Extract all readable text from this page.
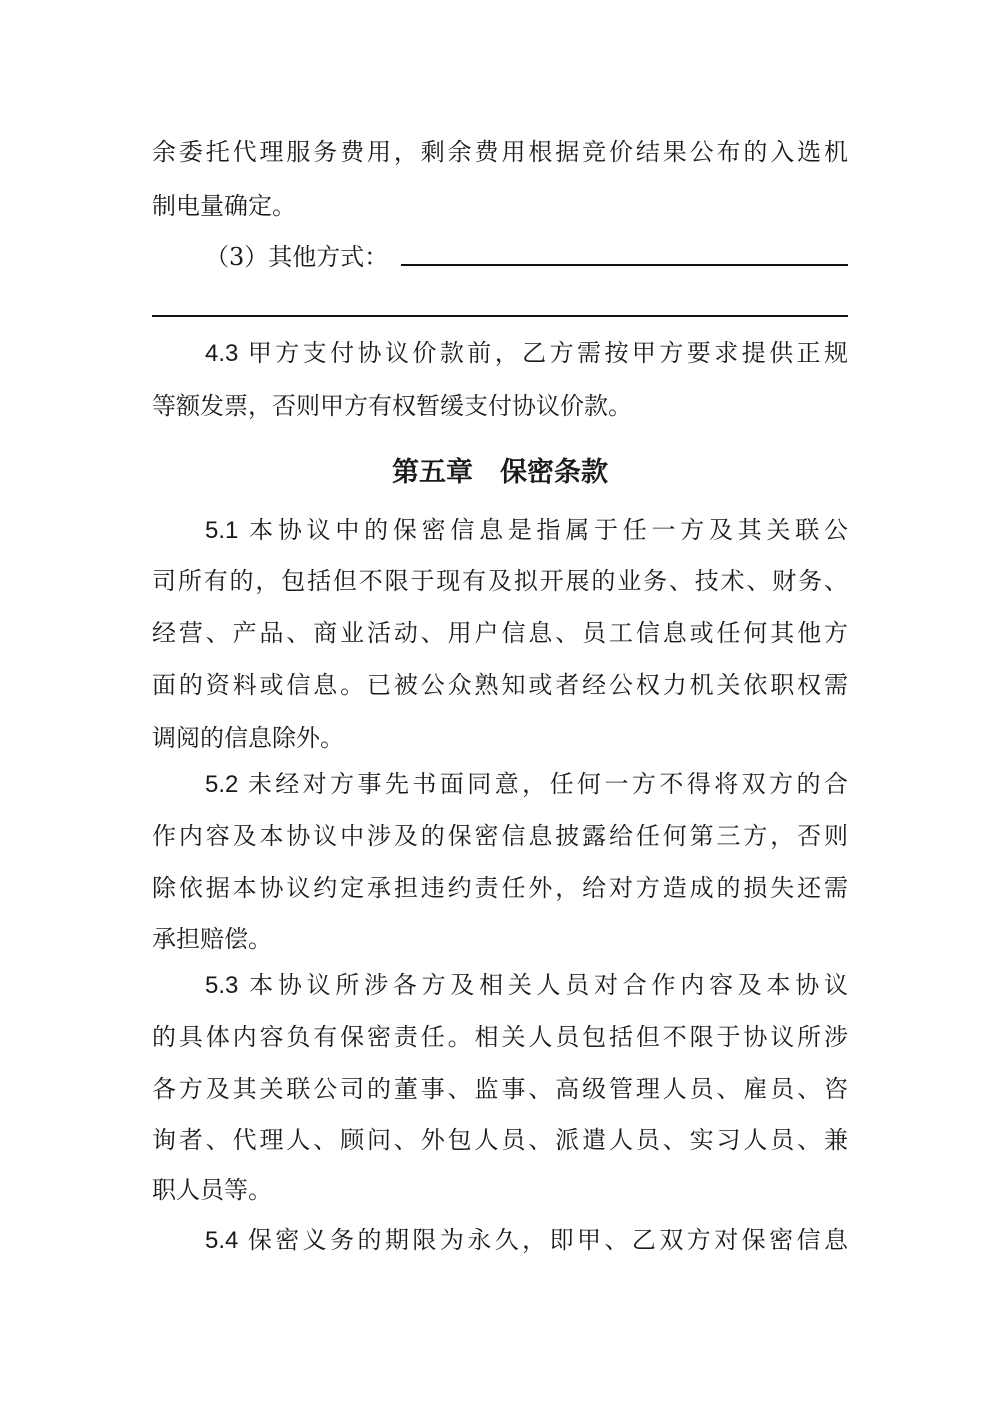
余委托代理服务费用，剩余费用根据竞价结果公布的入选机
制电量确定。
（3）其他方式：
4.3 甲方支付协议价款前，乙方需按甲方要求提供正规
等额发票，否则甲方有权暂缓支付协议价款。
第五章　保密条款
5.1 本协议中的保密信息是指属于任一方及其关联公
司所有的，包括但不限于现有及拟开展的业务、技术、财务、
经营、产品、商业活动、用户信息、员工信息或任何其他方
面的资料或信息。已被公众熟知或者经公权力机关依职权需
调阅的信息除外。
5.2 未经对方事先书面同意，任何一方不得将双方的合
作内容及本协议中涉及的保密信息披露给任何第三方，否则
除依据本协议约定承担违约责任外，给对方造成的损失还需
承担赔偿。
5.3 本协议所涉各方及相关人员对合作内容及本协议
的具体内容负有保密责任。相关人员包括但不限于协议所涉
各方及其关联公司的董事、监事、高级管理人员、雇员、咨
询者、代理人、顾问、外包人员、派遣人员、实习人员、兼
职人员等。
5.4 保密义务的期限为永久，即甲、乙双方对保密信息
